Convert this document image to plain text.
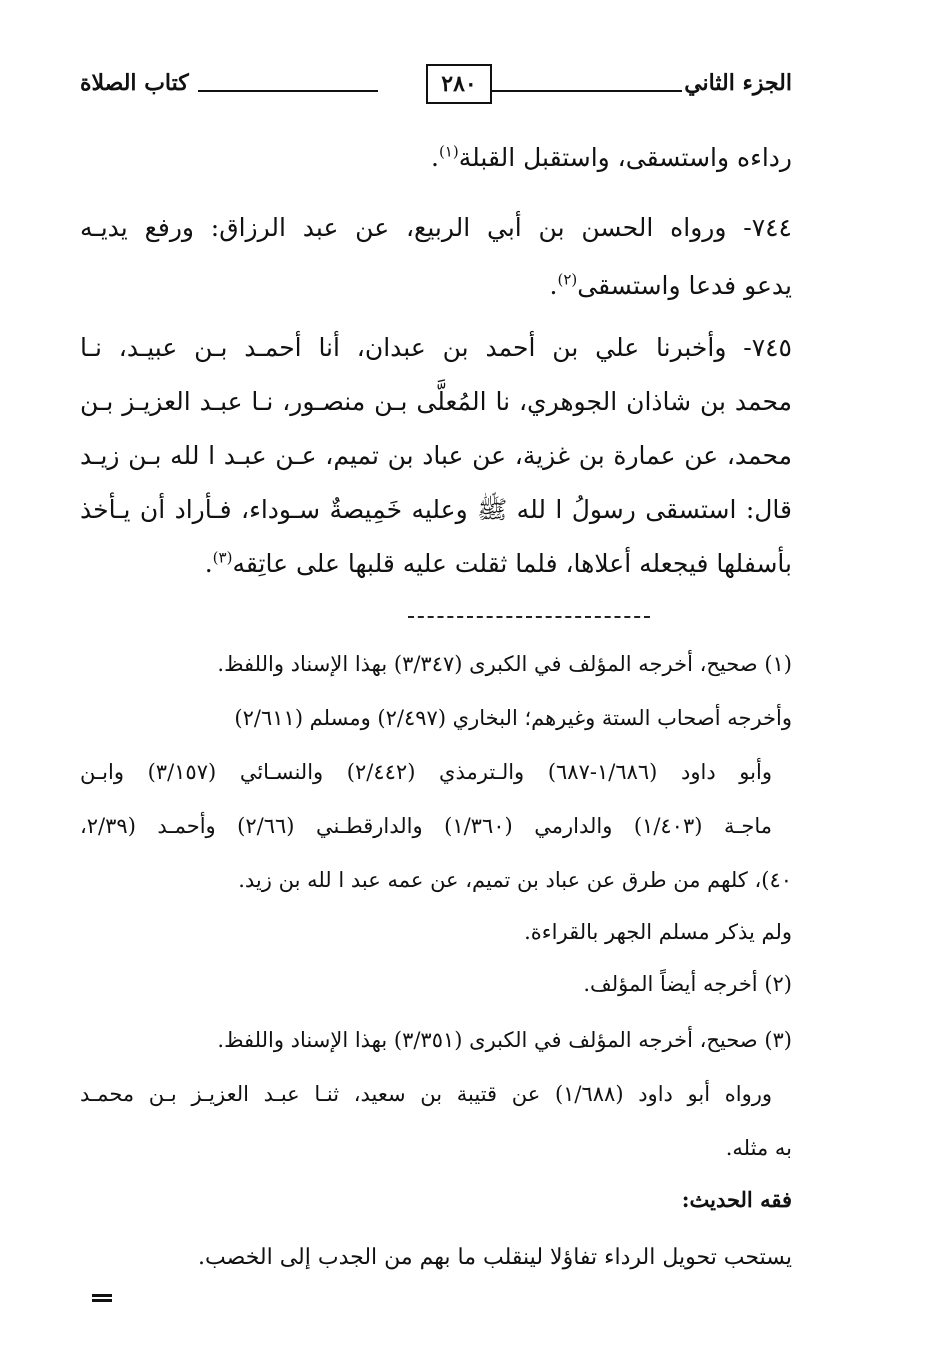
الجزء الثاني
٢٨٠
كتاب الصلاة
رداءه واستسقى، واستقبل القبلة$^{(١)}$.
٧٤٤- ورواه الحسن بن أبي الربيع، عن عبد الرزاق: ورفع يديـه
يدعو فدعا واستسقى$^{(٢)}$.
٧٤٥- وأخبرنا علي بن أحمد بن عبدان، أنا أحمـد بـن عبيـد، نـا
محمد بن شاذان الجوهري، نا المُعلَّى بـن منصـور، نـا عبـد العزيـز بـن
محمد، عن عمارة بن غزية، عن عباد بن تميم، عـن عبـد ا لله بـن زيـد
قال: استسقى رسولُ ا لله ﷺ وعليه خَمِيصةٌ سـوداء، فـأراد أن يـأخذ
بأسفلها فيجعله أعلاها، فلما ثقلت عليه قلبها على عاتِقه$^{(٣)}$.
(١) صحيح، أخرجه المؤلف في الكبرى (٣/٣٤٧) بهذا الإسناد واللفظ.
وأخرجه أصحاب الستة وغيرهم؛ البخاري (٢/٤٩٧) ومسلم (٢/٦١١)
وأبو داود (١/٦٨٦-٦٨٧) والـترمذي (٢/٤٤٢) والنسـائي (٣/١٥٧) وابـن
ماجـة (١/٤٠٣) والدارمي (١/٣٦٠) والدارقطـني (٢/٦٦) وأحمـد (٢/٣٩،
٤٠)، كلهم من طرق عن عباد بن تميم، عن عمه عبد ا لله بن زيد.
ولم يذكر مسلم الجهر بالقراءة.
(٢) أخرجه أيضاً المؤلف.
(٣) صحيح، أخرجه المؤلف في الكبرى (٣/٣٥١) بهذا الإسناد واللفظ.
ورواه أبو داود (١/٦٨٨) عن قتيبة بن سعيد، ثنـا عبـد العزيـز بـن محمـد
به مثله.
فقه الحديث:
يستحب تحويل الرداء تفاؤلا لينقلب ما بهم من الجدب إلى الخصب.
